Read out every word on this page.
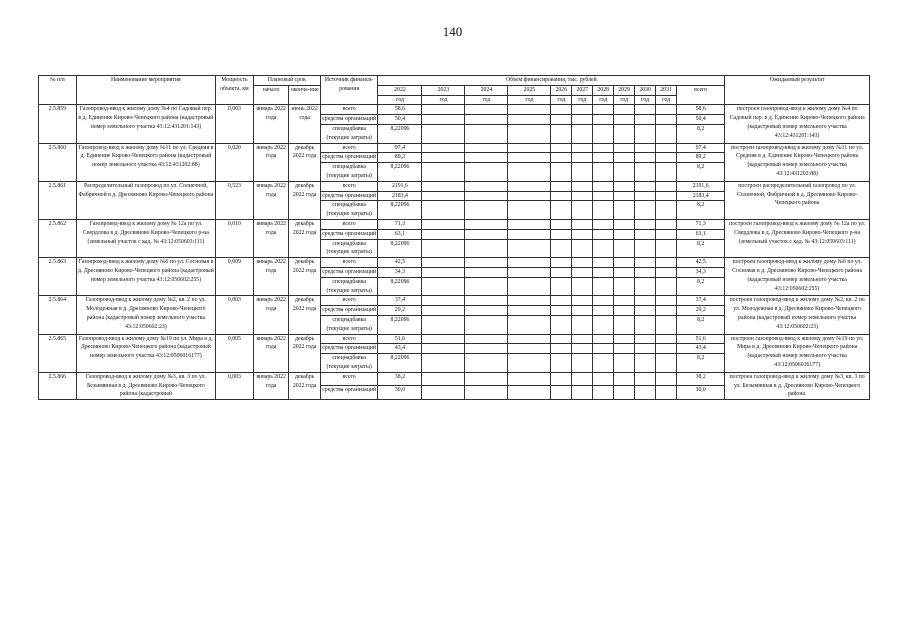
140
№ п/п	Наименование мероприятия	Мощность объекта, км	Плановый срок		Источник финанси-рования	Объем финансирования, тыс. рублей											Ожидаемый результат
			начало	оконча-ние		2022	2023	2024	2025	2026	2027	2028	2029	2030	2031	всего	
						год	год	год	год	год	год	год	год	год	год		
2.5.859	Газопровод-ввод к жилому дому №4 по Садовый пер. в д. Единение Кирово-Чепецкого района (кадастровый номер земельного участка 43:12:431201:143)	0,003	январь 2022 года	июнь 2022 года	всего	58,6										58,6	построен газопровод-ввод к жилому дому №4 по Садовый пер. в д. Единение Кирово-Чепецкого района (кадастровый номер земельного участка 43:12:431201:143)
					средства организаций	50,4										50,4	
					спецнадбавка (текущие затраты)	8,22096										8,2	
2.5.860	Газопровод-ввод к жилому дому №11 по ул. Средняя в д. Единение Кирово-Чепецкого района (кадастровый номер земельного участка 43:12:431202:88)	0,020	январь 2022 года	декабрь 2022 года	всего	97,4										97,4	построен газопровод-ввод к жилому дому №11 по ул. Средняя в д. Единение Кирово-Чепецкого района (кадастровый номер земельного участка 43:12:431202:88)
					средства организаций	89,2										89,2	
					спецнадбавка (текущие затраты)	8,22096										8,2	
2.5.861	Распределительный газопровод по ул. Солнечной, Фабричной в д. Дресвяново Кирово-Чепецкого района	0,523	январь 2022 года	декабрь 2022 года	всего	2191,6										2191,6	построен распределительный газопровод по ул. Солнечной, Фабричной в д. Дресвяново Кирово-Чепецкого района
					средства организаций	2183,4										2183,4	
					спецнадбавка (текущие затраты)	8,22096										8,2	
2.5.862	Газопровод-ввод к жилому дому № 12а по ул. Свердлова в д. Дресвяново Кирово-Чепецкого р-на (земельный участок с кад. № 43:12:050603:111)	0,010	январь 2022 года	декабрь 2022 года	всего	71,3										71,3	построен газопровод-ввод к жилому дому № 12а по ул. Свердлова в д. Дресвяново Кирово-Чепецкого р-на (земельный участок с кад. № 43:12:050603:111)
					средства организаций	63,1										63,1	
					спецнадбавка (текущие затраты)	8,22096										8,2	
2.5.863	Газопровод-ввод к жилому дому №6 по ул. Сосновая в д. Дресвяново Кирово-Чепецкого района (кадастровый номер земельного участка 43:12:050602:255)	0,009	январь 2022 года	декабрь 2022 года	всего	42,5										42,5	построен газопровод-ввод к жилому дому №6 по ул. Сосновая в д. Дресвяново Кирово-Чепецкого района (кадастровый номер земельного участка 43:12:050602:255)
					средства организаций	34,3										34,3	
					спецнадбавка (текущие затраты)	8,22096										8,2	
2.5.864	Газопровод-ввод к жилому дому №2, кв. 2 по ул. Молодежная в д. Дресвяново Кирово-Чепецкого района (кадастровый номер земельного участка 43:12:050602:23)	0,003	январь 2022 года	декабрь 2022 года	всего	37,4										37,4	построен газопровод-ввод к жилому дому №2, кв. 2 по ул. Молодежная в д. Дресвяново Кирово-Чепецкого района (кадастровый номер земельного участка 43:12:050602:23)
					средства организаций	29,2										29,2	
					спецнадбавка (текущие затраты)	8,22096										8,2	
2.5.865	Газопровод-ввод к жилому дому №19 по ул. Мира в д. Дресвяново Кирово-Чепецкого района (кадастровый номер земельного участка 43:12:0506016177)	0,005	январь 2022 года	декабрь 2022 года	всего	51,6										51,6	построен газопровод-ввод к жилому дому №19 по ул. Мира в д. Дресвяново Кирово-Чепецкого района (кадастровый номер земельного участка 43:12:0506016177)
					средства организаций	43,4										43,4	
					спецнадбавка (текущие затраты)	8,22096										8,2	
2.5.866	Газопровод-ввод к жилому дому №3, кв. 3 по ул. Безымянная в д. Дресвяново Кирово-Чепецкого района (кадастровый	0,003	январь 2022 года	декабрь 2022 года	всего	38,2										38,2	построен газопровод-ввод к жилому дому №3, кв. 3 по ул. Безымянная в д. Дресвяново Кирово-Чепецкого района.
					средства организаций	30,0										30,0	
